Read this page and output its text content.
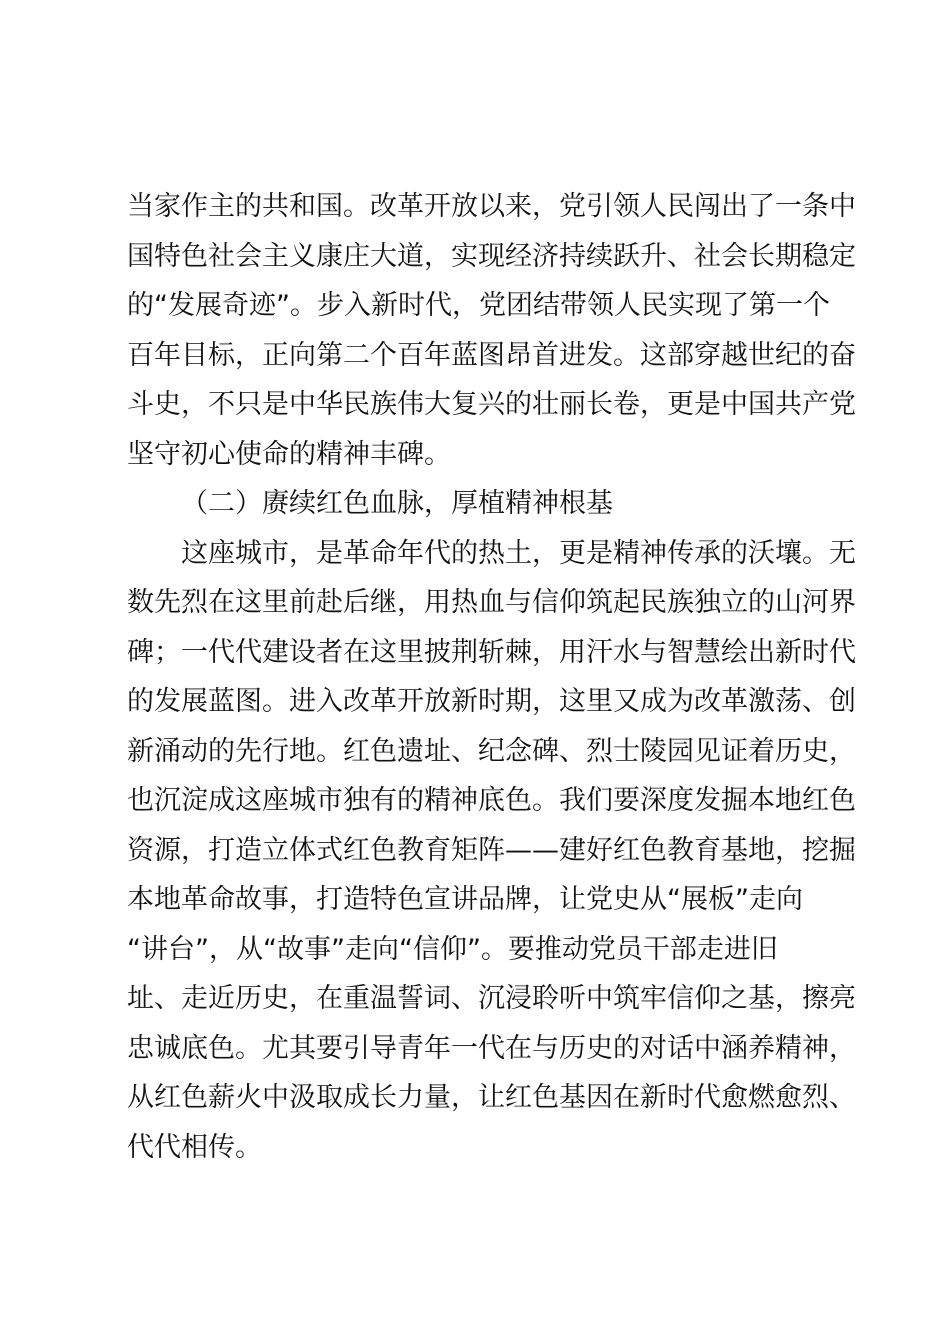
当家作主的共和国。改革开放以来，党引领人民闯出了一条中
国特色社会主义康庄大道，实现经济持续跃升、社会长期稳定
的“发展奇迹”。步入新时代，党团结带领人民实现了第一个
百年目标，正向第二个百年蓝图昂首进发。这部穿越世纪的奋
斗史，不只是中华民族伟大复兴的壮丽长卷，更是中国共产党
坚守初心使命的精神丰碑。
（二）赓续红色血脉，厚植精神根基
这座城市，是革命年代的热土，更是精神传承的沃壤。无
数先烈在这里前赴后继，用热血与信仰筑起民族独立的山河界
碑；一代代建设者在这里披荆斩棘，用汗水与智慧绘出新时代
的发展蓝图。进入改革开放新时期，这里又成为改革激荡、创
新涌动的先行地。红色遗址、纪念碑、烈士陵园见证着历史，
也沉淀成这座城市独有的精神底色。我们要深度发掘本地红色
资源，打造立体式红色教育矩阵——建好红色教育基地，挖掘
本地革命故事，打造特色宣讲品牌，让党史从“展板”走向
“讲台”，从“故事”走向“信仰”。要推动党员干部走进旧
址、走近历史，在重温誓词、沉浸聆听中筑牢信仰之基，擦亮
忠诚底色。尤其要引导青年一代在与历史的对话中涵养精神，
从红色薪火中汲取成长力量，让红色基因在新时代愈燃愈烈、
代代相传。
